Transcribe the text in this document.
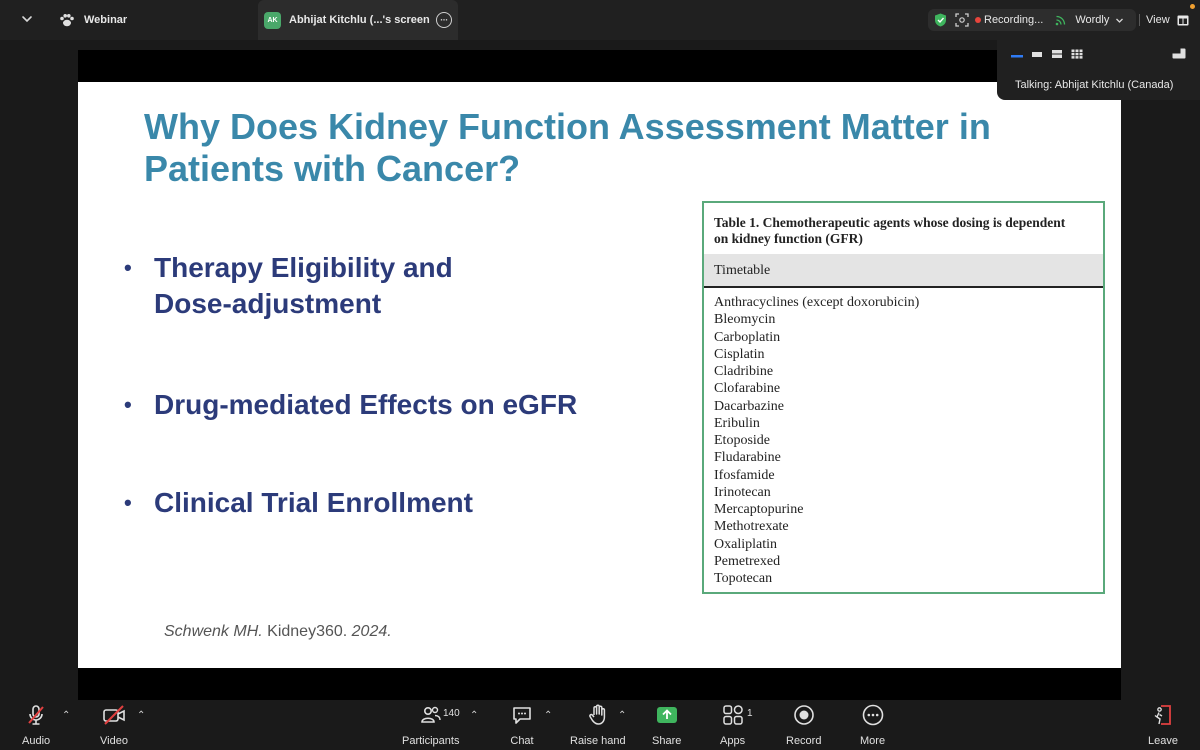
Webinar	AK	Abhijat Kitchlu (...'s screen	···	Recording...	Wordly	View
Why Does Kidney Function Assessment Matter in
Patients with Cancer?
• Therapy Eligibility and
Dose-adjustment
• Drug-mediated Effects on eGFR
• Clinical Trial Enrollment
Schwenk MH. Kidney360. 2024.
Table 1. Chemotherapeutic agents whose dosing is dependent
on kidney function (GFR)
Timetable
Anthracyclines (except doxorubicin)
Bleomycin
Carboplatin
Cisplatin
Cladribine
Clofarabine
Dacarbazine
Eribulin
Etoposide
Fludarabine
Ifosfamide
Irinotecan
Mercaptopurine
Methotrexate
Oxaliplatin
Pemetrexed
Topotecan
Talking: Abhijat Kitchlu (Canada)
Audio
⌃
Video
⌃
Participants
140 ⌃
Chat
⌃
Raise hand
⌃
Share	Apps
1
Record	More	Leave
